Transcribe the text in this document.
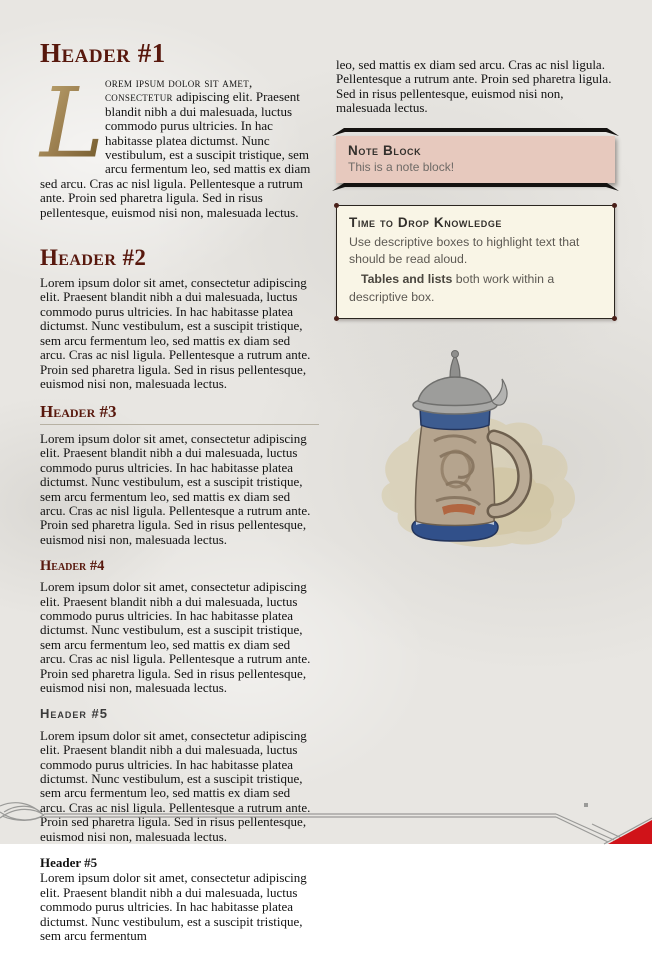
Header #1
L orem ipsum dolor sit amet, consectetur adipiscing elit. Praesent blandit nibh a dui malesuada, luctus commodo purus ultricies. In hac habitasse platea dictumst. Nunc vestibulum, est a suscipit tristique, sem arcu fermentum leo, sed mattis ex diam sed arcu. Cras ac nisl ligula. Pellentesque a rutrum ante. Proin sed pharetra ligula. Sed in risus pellentesque, euismod nisi non, malesuada lectus.

Header #2

Lorem ipsum dolor sit amet, consectetur adipiscing elit. Praesent blandit nibh a dui malesuada, luctus commodo purus ultricies. In hac habitasse platea dictumst. Nunc vestibulum, est a suscipit tristique, sem arcu fermentum leo, sed mattis ex diam sed arcu. Cras ac nisl ligula. Pellentesque a rutrum ante. Proin sed pharetra ligula. Sed in risus pellentesque, euismod nisi non, malesuada lectus.

Header #3

Lorem ipsum dolor sit amet, consectetur adipiscing elit. Praesent blandit nibh a dui malesuada, luctus commodo purus ultricies. In hac habitasse platea dictumst. Nunc vestibulum, est a suscipit tristique, sem arcu fermentum leo, sed mattis ex diam sed arcu. Cras ac nisl ligula. Pellentesque a rutrum ante. Proin sed pharetra ligula. Sed in risus pellentesque, euismod nisi non, malesuada lectus.

Header #4

Lorem ipsum dolor sit amet, consectetur adipiscing elit. Praesent blandit nibh a dui malesuada, luctus commodo purus ultricies. In hac habitasse platea dictumst. Nunc vestibulum, est a suscipit tristique, sem arcu fermentum leo, sed mattis ex diam sed arcu. Cras ac nisl ligula. Pellentesque a rutrum ante. Proin sed pharetra ligula. Sed in risus pellentesque, euismod nisi non, malesuada lectus.

Header #5

Lorem ipsum dolor sit amet, consectetur adipiscing elit. Praesent blandit nibh a dui malesuada, luctus commodo purus ultricies. In hac habitasse platea dictumst. Nunc vestibulum, est a suscipit tristique, sem arcu fermentum leo, sed mattis ex diam sed arcu. Cras ac nisl ligula. Pellentesque a rutrum ante. Proin sed pharetra ligula. Sed in risus pellentesque, euismod nisi non, malesuada lectus.

Header #5

Lorem ipsum dolor sit amet, consectetur adipiscing elit. Praesent blandit nibh a dui malesuada, luctus commodo purus ultricies. In hac habitasse platea dictumst. Nunc vestibulum, est a suscipit tristique, sem arcu fermentum

leo, sed mattis ex diam sed arcu. Cras ac nisl ligula. Pellentesque a rutrum ante. Proin sed pharetra ligula. Sed in risus pellentesque, euismod nisi non, malesuada lectus.

Note Block
This is a note block!
Time to Drop Knowledge
Use descriptive boxes to highlight text that should be read aloud.
Tables and lists both work within a descriptive box.
